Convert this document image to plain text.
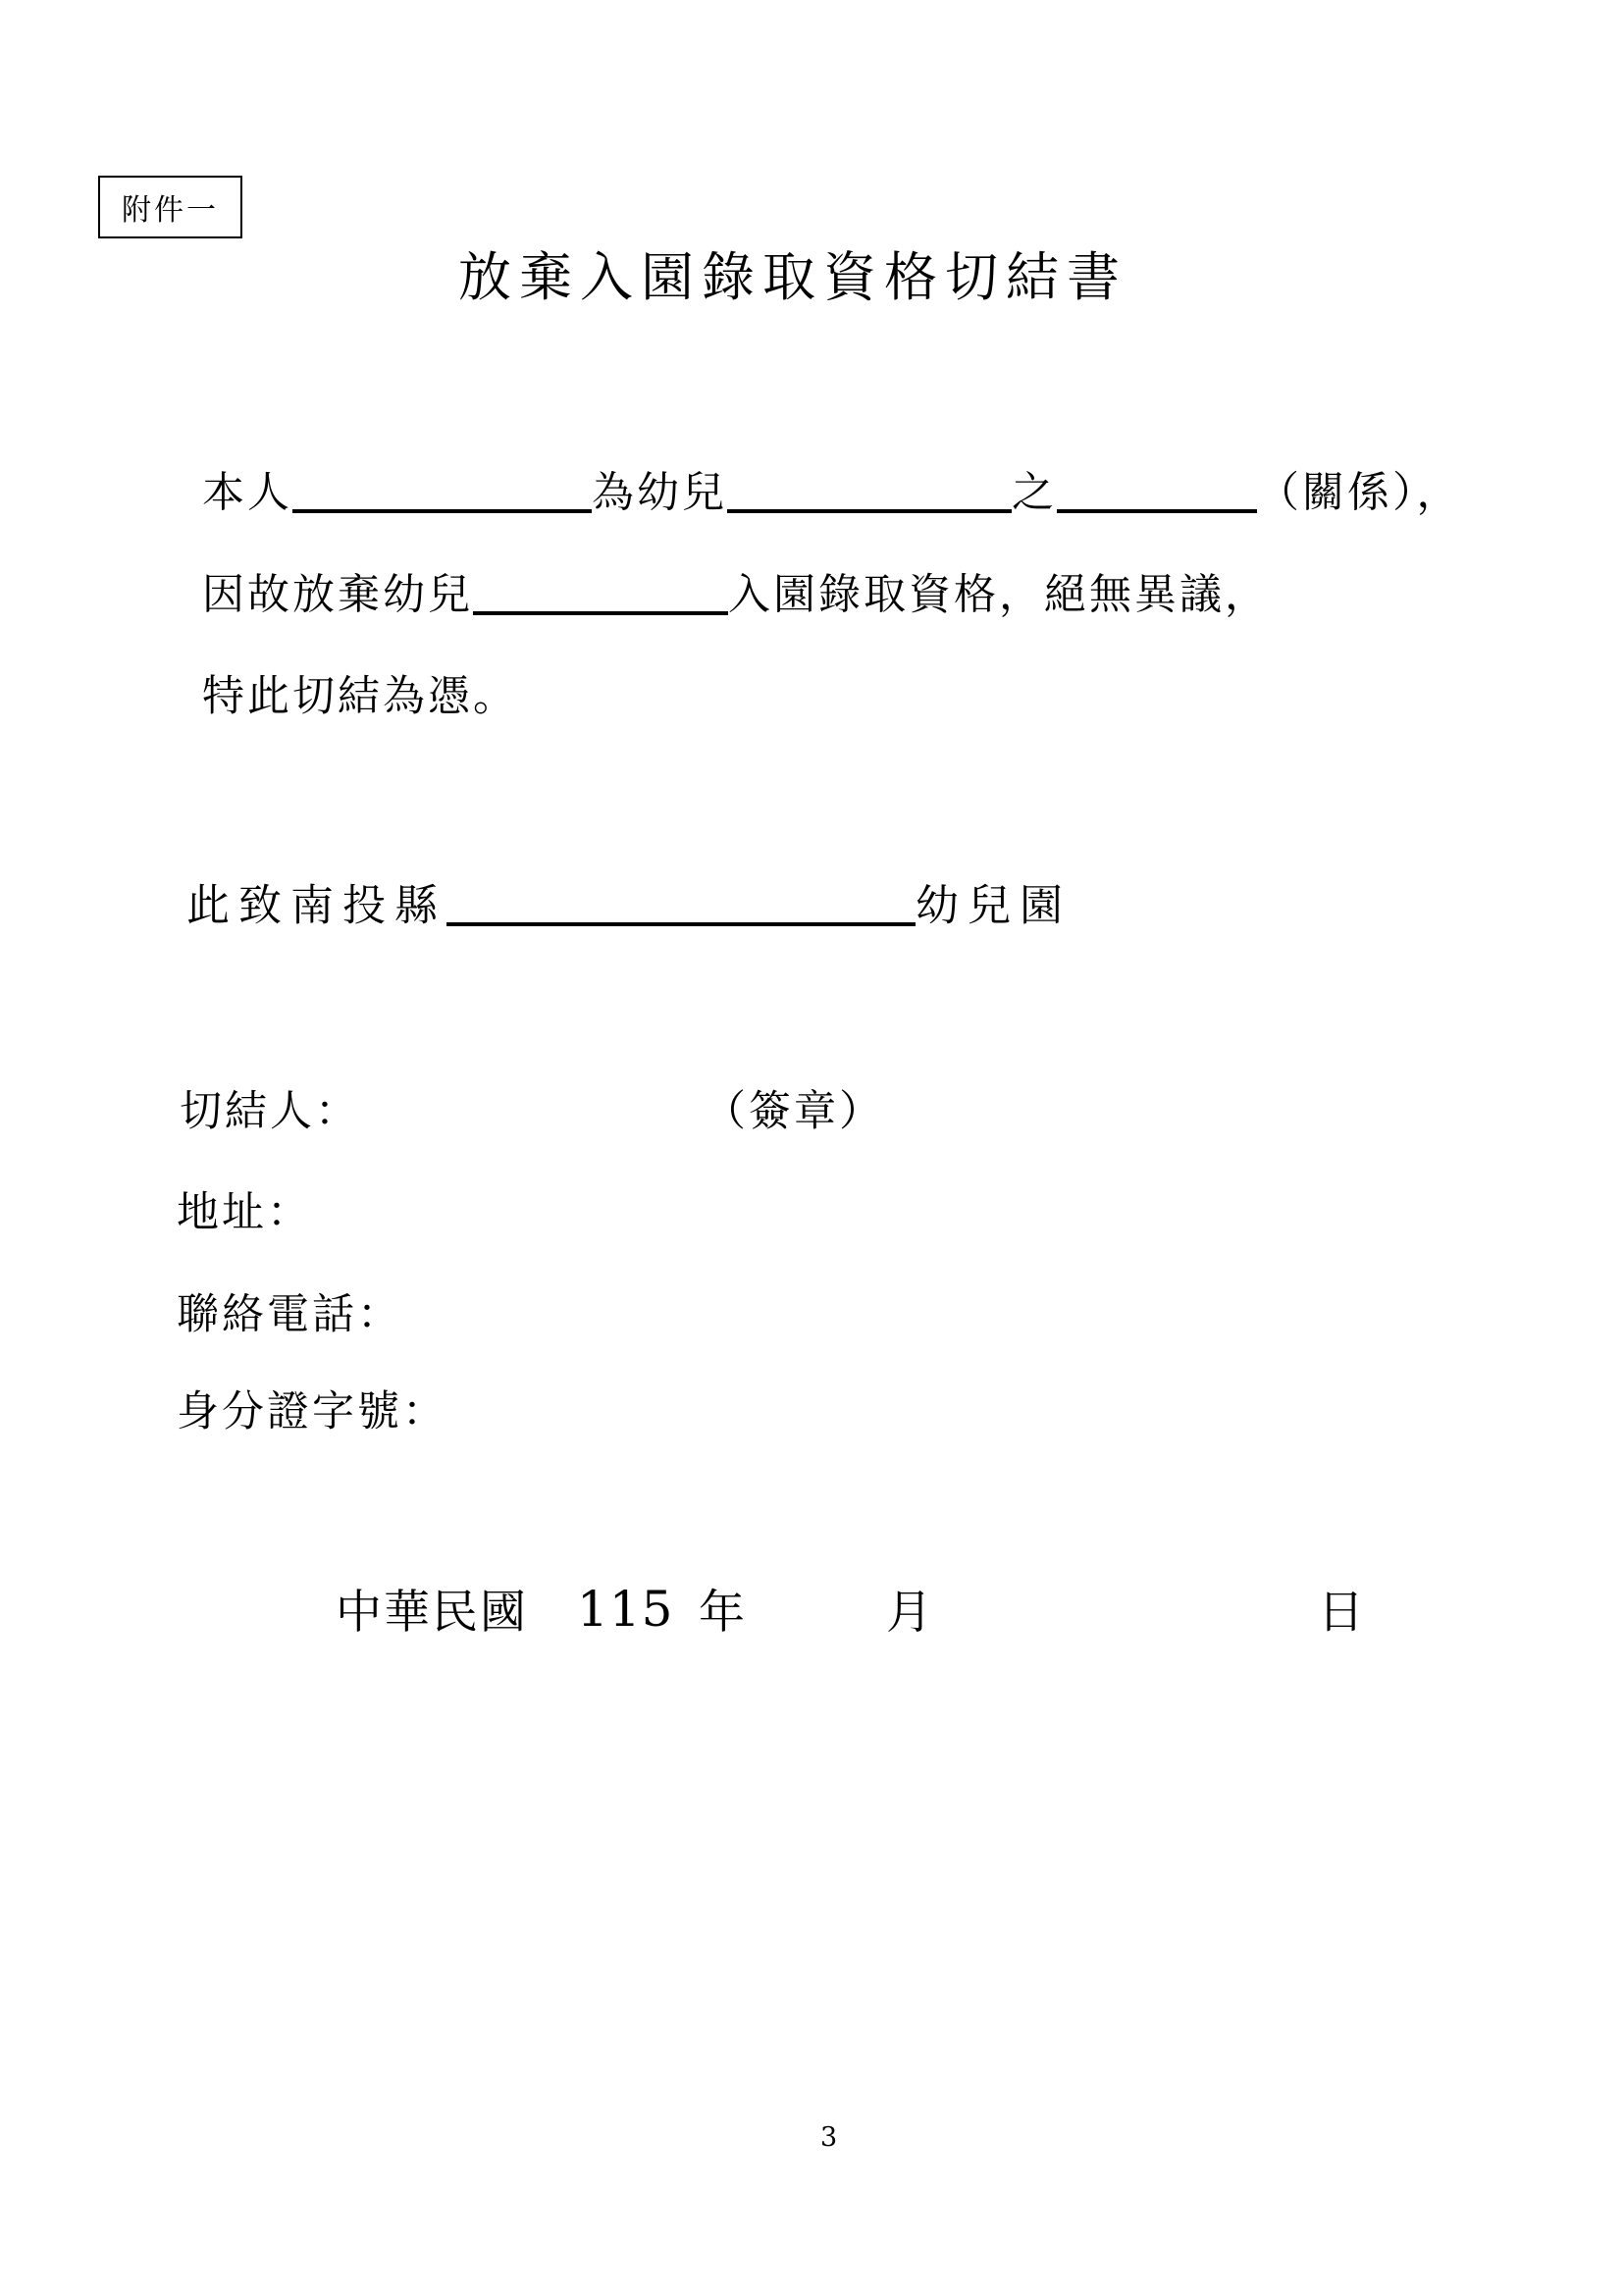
附件一
放棄入園錄取資格切結書
本人	為幼兒	之	（關係），
因故放棄幼兒	入園錄取資格，絕無異議，
特此切結為憑。
此致南投縣	幼兒園
切結人：	（簽章）
地址：
聯絡電話：
身分證字號：
中華民國 115 年	月	日
3
